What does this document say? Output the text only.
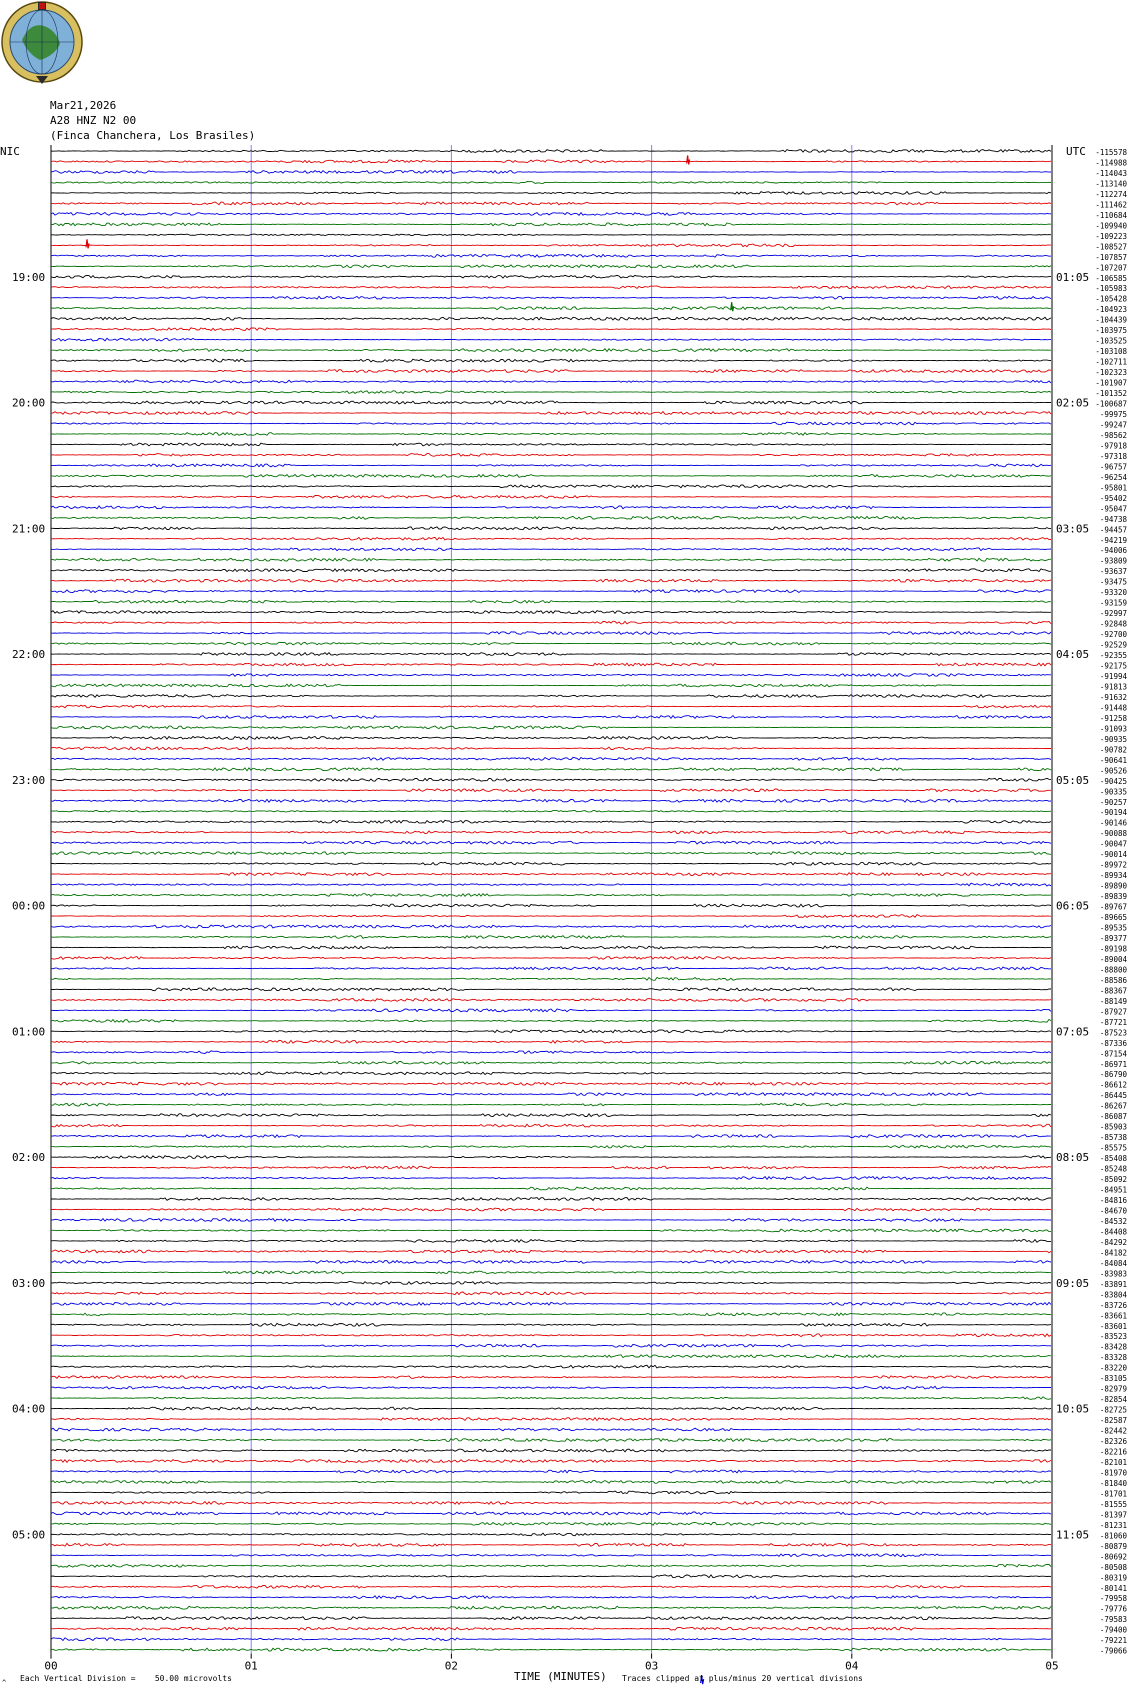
Mar21,2026
A28 HNZ N2 00
(Finca Chanchera, Los Brasiles)
19:00
20:00
21:00
22:00
23:00
00:00
01:00
02:00
03:00
04:00
05:00
01:05
02:05
03:05
04:05
05:05
06:05
07:05
08:05
09:05
10:05
11:05
-115578
-114988
-114043
-113140
-112274
-111462
-110684
-109940
-109223
-108527
-107857
-107207
-106585
-105983
-105428
-104923
-104439
-103975
-103525
-103108
-102711
-102323
-101907
-101352
-100687
-99975
-99247
-98562
-97918
-97318
-96757
-96254
-95801
-95402
-95047
-94738
-94457
-94219
-94006
-93809
-93637
-93475
-93320
-93159
-92997
-92848
-92700
-92529
-92355
-92175
-91994
-91813
-91632
-91448
-91258
-91093
-90935
-90782
-90641
-90526
-90425
-90335
-90257
-90194
-90146
-90088
-90047
-90014
-89972
-89934
-89890
-89839
-89767
-89665
-89535
-89377
-89198
-89004
-88800
-88586
-88367
-88149
-87927
-87721
-87523
-87336
-87154
-86971
-86790
-86612
-86445
-86267
-86087
-85903
-85738
-85575
-85408
-85248
-85092
-84951
-84816
-84670
-84532
-84408
-84292
-84182
-84084
-83983
-83891
-83804
-83726
-83661
-83601
-83523
-83428
-83328
-83220
-83105
-82979
-82854
-82725
-82587
-82442
-82326
-82216
-82101
-81970
-81840
-81701
-81555
-81397
-81231
-81060
-80879
-80692
-80508
-80319
-80141
-79958
-79776
-79583
-79400
-79221
-79066
00	01	02	03	04	05
NIC	UTC
TIME (MINUTES)
Each Vertical Division =    50.00 microvolts	Traces clipped at plus/minus 20 vertical divisions
^
